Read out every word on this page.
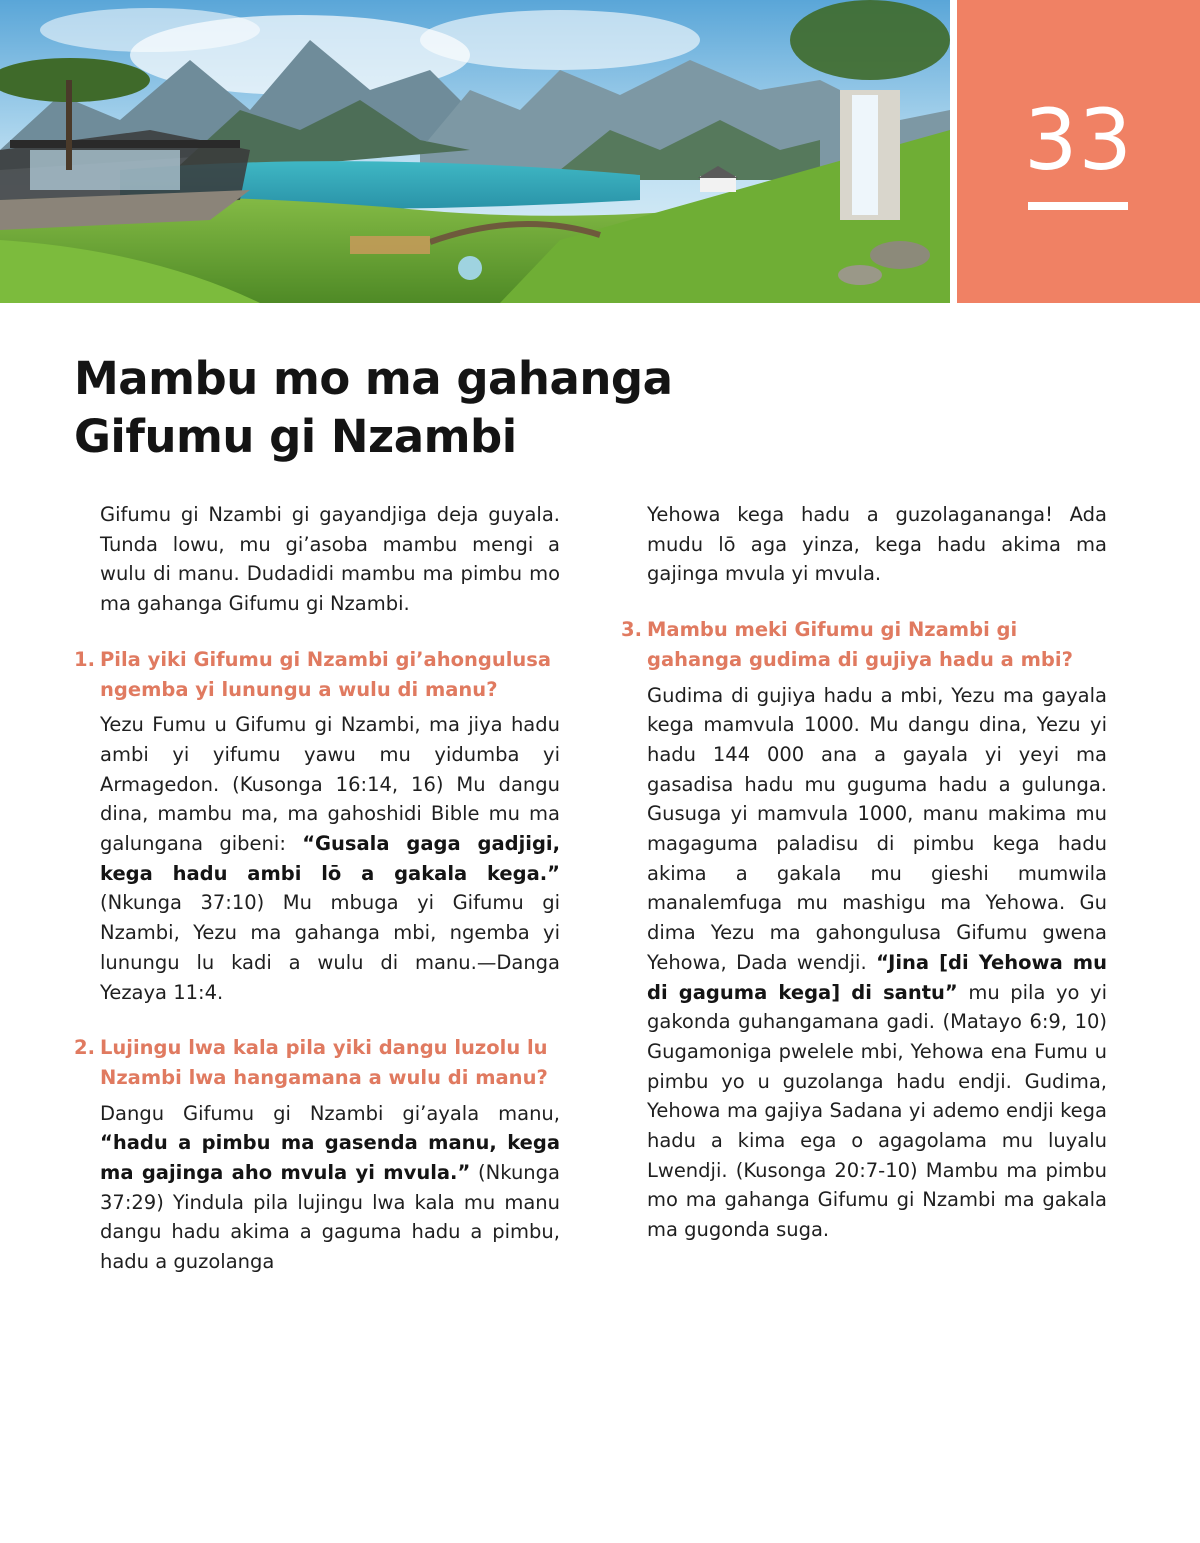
33
Mambu mo ma gahanga
Gifumu gi Nzambi

Gifumu gi Nzambi gi gayandjiga deja guyala. Tunda lowu, mu gi’asoba mambu mengi a wulu di manu. Dudadidi mambu ma pimbu mo ma gahanga Gifumu gi Nzambi.

1. Pila yiki Gifumu gi Nzambi gi’ahongulusa ngemba yi lunungu a wulu di manu?

Yezu Fumu u Gifumu gi Nzambi, ma jiya hadu ambi yi yifumu yawu mu yidumba yi Armagedon. (Kusonga 16:14, 16) Mu dangu dina, mambu ma, ma gahoshidi Bible mu ma galungana gibeni: “Gusala gaga gadjigi, kega hadu ambi lō a gakala kega.” (Nkunga 37:10) Mu mbuga yi Gifumu gi Nzambi, Yezu ma gahanga mbi, ngemba yi lunungu lu kadi a wulu di manu.—Danga Yezaya 11:4.

2. Lujingu lwa kala pila yiki dangu luzolu lu Nzambi lwa hangamana a wulu di manu?

Dangu Gifumu gi Nzambi gi’ayala manu, “hadu a pimbu ma gasenda manu, kega ma gajinga aho mvula yi mvula.” (Nkunga 37:29) Yindula pila lujingu lwa kala mu manu dangu hadu akima a gaguma hadu a pimbu, hadu a guzolanga

Yehowa kega hadu a guzolagananga! Ada mudu lō aga yinza, kega hadu akima ma gajinga mvula yi mvula.

3. Mambu meki Gifumu gi Nzambi gi gahanga gudima di gujiya hadu a mbi?

Gudima di gujiya hadu a mbi, Yezu ma gayala kega mamvula 1000. Mu dangu dina, Yezu yi hadu 144 000 ana a gayala yi yeyi ma gasadisa hadu mu guguma hadu a gulunga. Gusuga yi mamvula 1000, manu makima mu magaguma paladisu di pimbu kega hadu akima a gakala mu gieshi mumwila manalemfuga mu mashigu ma Yehowa. Gu dima Yezu ma gahongulusa Gifumu gwena Yehowa, Dada wendji. “Jina [di Yehowa mu di gaguma kega] di santu” mu pila yo yi gakonda guhangamana gadi. (Matayo 6:9, 10) Gugamoniga pwelele mbi, Yehowa ena Fumu u pimbu yo u guzolanga hadu endji. Gudima, Yehowa ma gajiya Sadana yi ademo endji kega hadu a kima ega o agagolama mu luyalu Lwendji. (Kusonga 20:7-10) Mambu ma pimbu mo ma gahanga Gifumu gi Nzambi ma gakala ma gugonda suga.
